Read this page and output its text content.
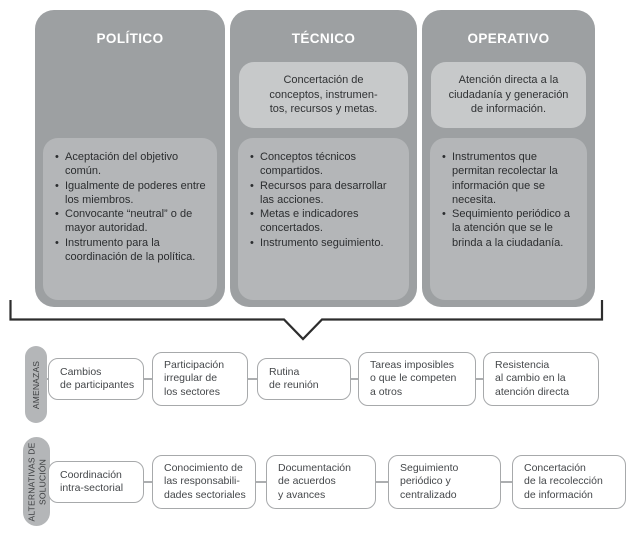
POLÍTICO
• Aceptación del objetivo común.
• Igualmente de poderes entre los miembros.
• Convocante “neutral” o de mayor autoridad.
• Instrumento para la coordinación de la política.
TÉCNICO
Concertación de
conceptos, instrumen-
tos, recursos y metas.
• Conceptos técnicos compartidos.
• Recursos para desarrollar las acciones.
• Metas e indicadores concertados.
• Instrumento seguimiento.
OPERATIVO
Atención directa a la
ciudadanía y generación
de información.
• Instrumentos que permitan recolectar la información que se necesita.
• Sequimiento periódico a la atención que se le brinda a la ciudadanía.
AMENAZAS Cambios
de participantes
Participación
irregular de
los sectores
Rutina
de reunión
Tareas imposibles
o que le competen
a otros
Resistencia
al cambio en la
atención directa
ALTERNATIVAS DE SOLUCIÓN Coordinación
intra-sectorial
Conocimiento de
las responsabili-
dades sectoriales
Documentación
de acuerdos
y avances
Seguimiento
periódico y
centralizado
Concertación
de la recolección
de información
